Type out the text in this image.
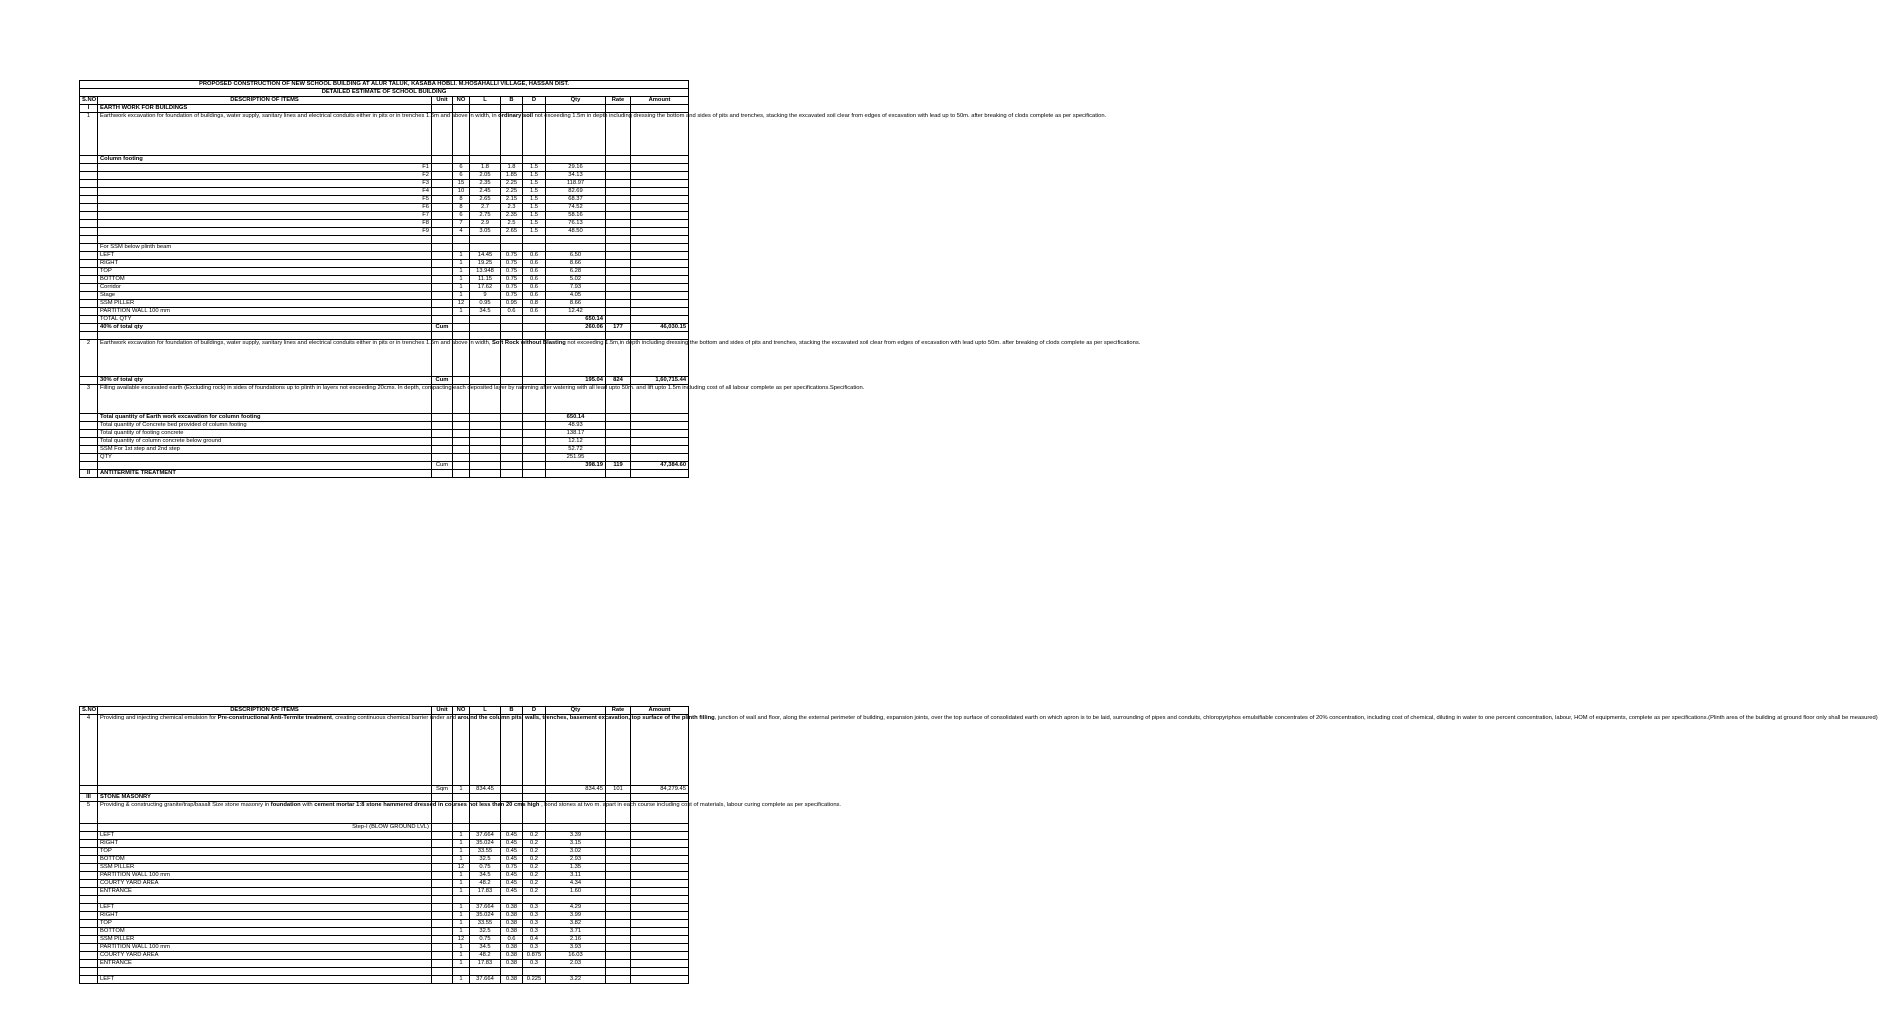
PROPOSED CONSTRUCTION OF NEW SCHOOL BUILDING AT ALUR TALUK, KASABA HOBLI. M.HOSAHALLI VILLAGE, HASSAN DIST.									
DETAILED ESTIMATE OF SCHOOL BUILDING									
S.NO	DESCRIPTION OF ITEMS	Unit	NO	L	B	D	Qty	Rate	Amount
I	EARTH WORK FOR BUILDINGS								
1	Earthwork excavation for foundation of buildings, water supply, sanitary lines and electrical conduits either in pits or in trenches 1.5m and above in width, in ordinary soil not exceeding 1.5m in depth including dressing the bottom and sides of pits and trenches, stacking the excavated soil clear from edges of excavation with lead up to 50m. after breaking of clods complete as per specification.								
	Column footing								
	F1		6	1.8	1.8	1.5	29.16		
	F2		6	2.05	1.85	1.5	34.13		
	F3		15	2.35	2.25	1.5	118.97		
	F4		10	2.45	2.25	1.5	82.69		
	F5		8	2.65	2.15	1.5	68.37		
	F6		8	2.7	2.3	1.5	74.52		
	F7		6	2.75	2.35	1.5	58.16		
	F8		7	2.9	2.5	1.5	76.13		
	F9		4	3.05	2.65	1.5	48.50		

	For SSM below plinth beam								
	LEFT		1	14.45	0.75	0.6	6.50		
	RIGHT		1	19.25	0.75	0.6	8.66		
	TOP		1	13.948	0.75	0.6	6.28		
	BOTTOM		1	11.15	0.75	0.6	5.02		
	Corridor		1	17.62	0.75	0.6	7.93		
	Stage		1	9	0.75	0.6	4.05		
	SSM PILLER		12	0.95	0.95	0.8	8.66		
	PARTITION WALL 100 mm		1	34.5	0.6	0.6	12.42		
	TOTAL QTY						650.14		
	40% of total qty	Cum					260.06	177	46,030.15

2	Earthwork excavation for foundation of buildings, water supply, sanitary lines and electrical conduits either in pits or in trenches 1.5m and above in width, Soft Rock without Blasting not exceeding 1.5m,in depth including dressing the bottom and sides of pits and trenches, stacking the excavated soil clear from edges of excavation with lead upto 50m. after breaking of clods complete as per specifications.								
	30% of total qty	Cum					195.04	824	1,60,715.44
3	Filling available excavated earth (Excluding rock) in sides of foundations up to plinth in layers not exceeding 20cms. In depth, compacting each deposited layer by ramming after watering with all lead upto 50m. and lift upto 1.5m including cost of all labour complete as per specifications.Specification.								
	Total quantity of Earth work excavation for column footing						650.14		
	Total quantity of Concrete bed provided of column footing						48.93		
	Total quantity of footing concrete						138.17		
	Total quantity of column concrete below ground						12.12		
	SSM For 1st step and 2nd step						52.72		
	QTY						251.95		
		Cum					398.19	119	47,384.60
II	ANTITERMITE TREATMENT								
S.NO	DESCRIPTION OF ITEMS	Unit	NO	L	B	D	Qty	Rate	Amount
4	Providing and injecting chemical emulsion for Pre-constructional Anti-Termite treatment, creating continuous chemical barrier under and around the column pits, walls, trenches, basement excavation, top surface of the plinth filling, junction of wall and floor, along the external perimeter of building, expansion joints, over the top surface of consolidated earth on which apron is to be laid, surrounding of pipes and conduits, chloropyriphos emulsifiable concentrates of 20% concentration, including cost of chemical, diluting in water to one percent concentration, labour, HOM of equipments, complete as per specifications.(Plinth area of the building at ground floor only shall be measured)								
		Sqm	1	834.45			834.45	101	84,279.45
III	STONE MASONRY								
5	Providing & constructing granite/trap/basalt Size stone masonry in foundation with cement mortar 1:8 stone hammered dressed in courses not less than 20 cms high , bond stones at two m. apart in each course including cost of materials, labour curing complete as per specifications.								
	Step-I (BLOW GROUND LVL)								
	LEFT		1	37.664	0.45	0.2	3.39		
	RIGHT		1	35.024	0.45	0.2	3.15		
	TOP		1	33.55	0.45	0.2	3.02		
	BOTTOM		1	32.5	0.45	0.2	2.93		
	SSM PILLER		12	0.75	0.75	0.2	1.35		
	PARTITION WALL 100 mm		1	34.5	0.45	0.2	3.11		
	COURTY YARD AREA		1	48.2	0.45	0.2	4.34		
	ENTRANCE		1	17.83	0.45	0.2	1.60		

	LEFT		1	37.664	0.38	0.3	4.29		
	RIGHT		1	35.024	0.38	0.3	3.99		
	TOP		1	33.55	0.38	0.3	3.82		
	BOTTOM		1	32.5	0.38	0.3	3.71		
	SSM PILLER		12	0.75	0.6	0.4	2.16		
	PARTITION WALL 100 mm		1	34.5	0.38	0.3	3.93		
	COURTY YARD AREA		1	48.2	0.38	0.875	16.03		
	ENTRANCE		1	17.83	0.38	0.3	2.03		

	LEFT		1	37.664	0.38	0.225	3.22		
